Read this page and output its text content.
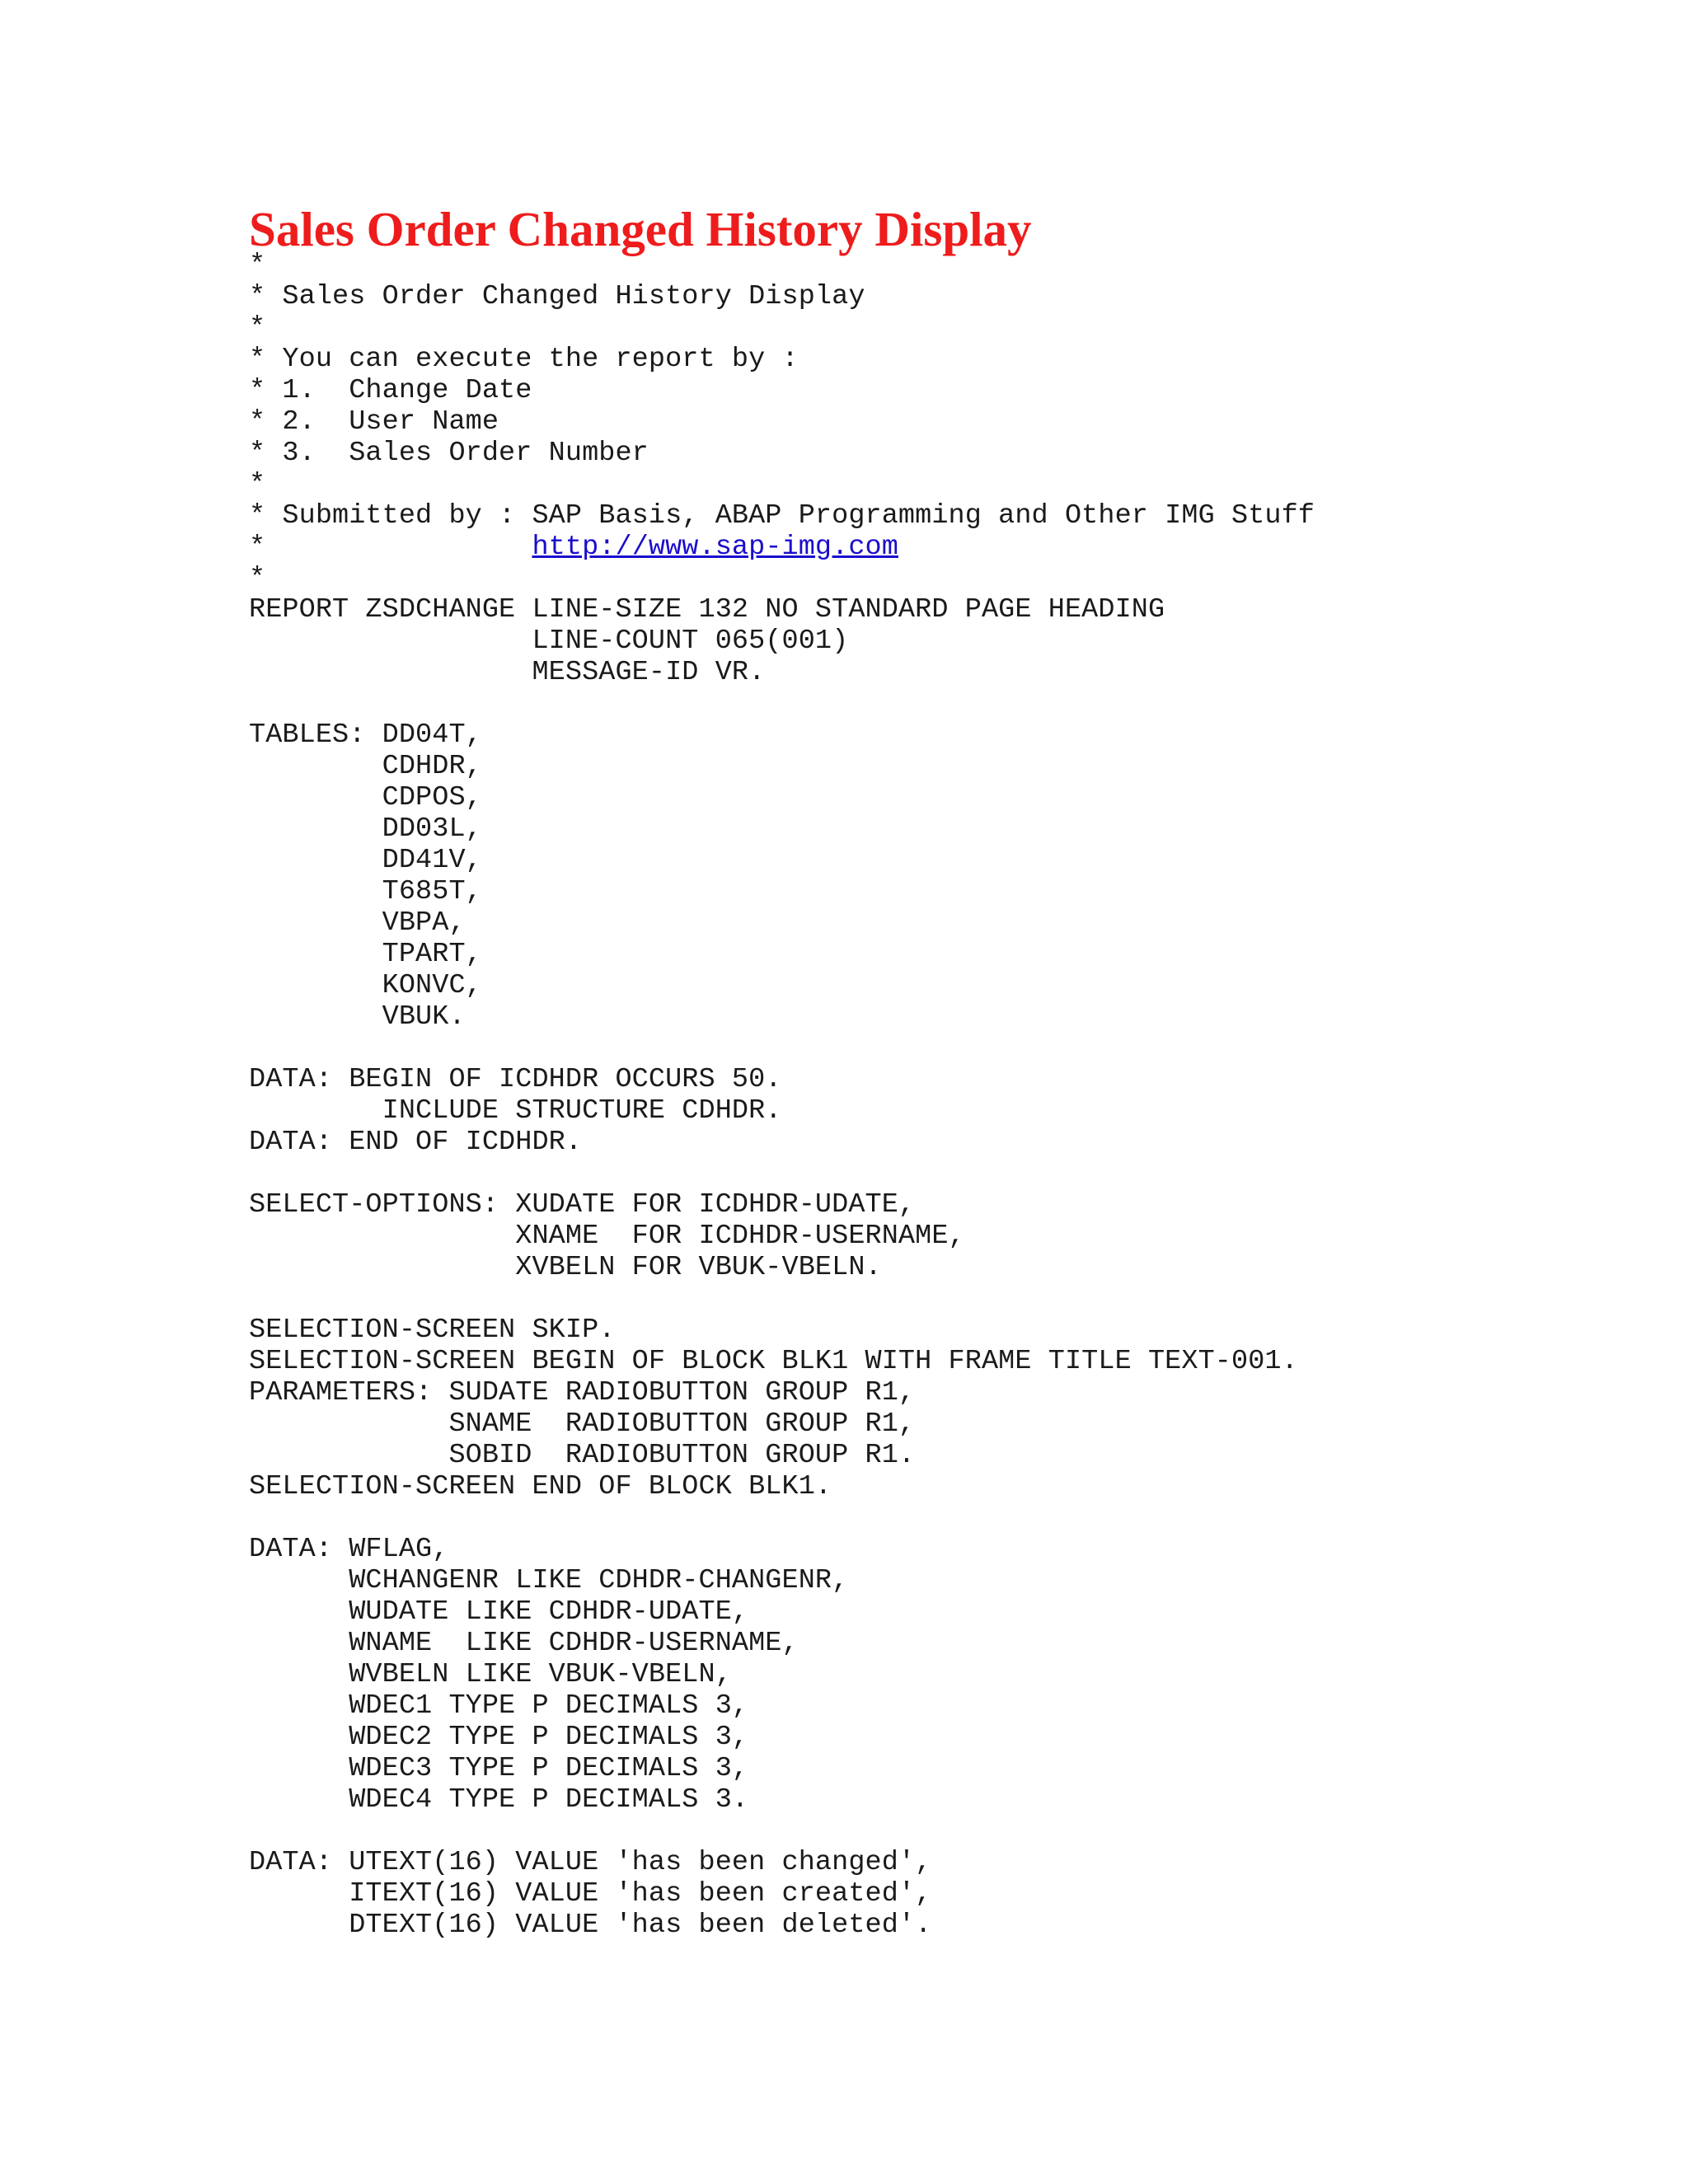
Sales Order Changed History Display
*
* Sales Order Changed History Display
*
* You can execute the report by :
* 1.  Change Date
* 2.  User Name
* 3.  Sales Order Number
*
* Submitted by : SAP Basis, ABAP Programming and Other IMG Stuff
*                http://www.sap-img.com
*
REPORT ZSDCHANGE LINE-SIZE 132 NO STANDARD PAGE HEADING
LINE-COUNT 065(001)
MESSAGE-ID VR.
TABLES: DD04T,
CDHDR,
CDPOS,
DD03L,
DD41V,
T685T,
VBPA,
TPART,
KONVC,
VBUK.
DATA: BEGIN OF ICDHDR OCCURS 50.
INCLUDE STRUCTURE CDHDR.
DATA: END OF ICDHDR.
SELECT-OPTIONS: XUDATE FOR ICDHDR-UDATE,
XNAME  FOR ICDHDR-USERNAME,
XVBELN FOR VBUK-VBELN.
SELECTION-SCREEN SKIP.
SELECTION-SCREEN BEGIN OF BLOCK BLK1 WITH FRAME TITLE TEXT-001.
PARAMETERS: SUDATE RADIOBUTTON GROUP R1,
SNAME  RADIOBUTTON GROUP R1,
SOBID  RADIOBUTTON GROUP R1.
SELECTION-SCREEN END OF BLOCK BLK1.
DATA: WFLAG,
WCHANGENR LIKE CDHDR-CHANGENR,
WUDATE LIKE CDHDR-UDATE,
WNAME  LIKE CDHDR-USERNAME,
WVBELN LIKE VBUK-VBELN,
WDEC1 TYPE P DECIMALS 3,
WDEC2 TYPE P DECIMALS 3,
WDEC3 TYPE P DECIMALS 3,
WDEC4 TYPE P DECIMALS 3.
DATA: UTEXT(16) VALUE 'has been changed',
ITEXT(16) VALUE 'has been created',
DTEXT(16) VALUE 'has been deleted'.
